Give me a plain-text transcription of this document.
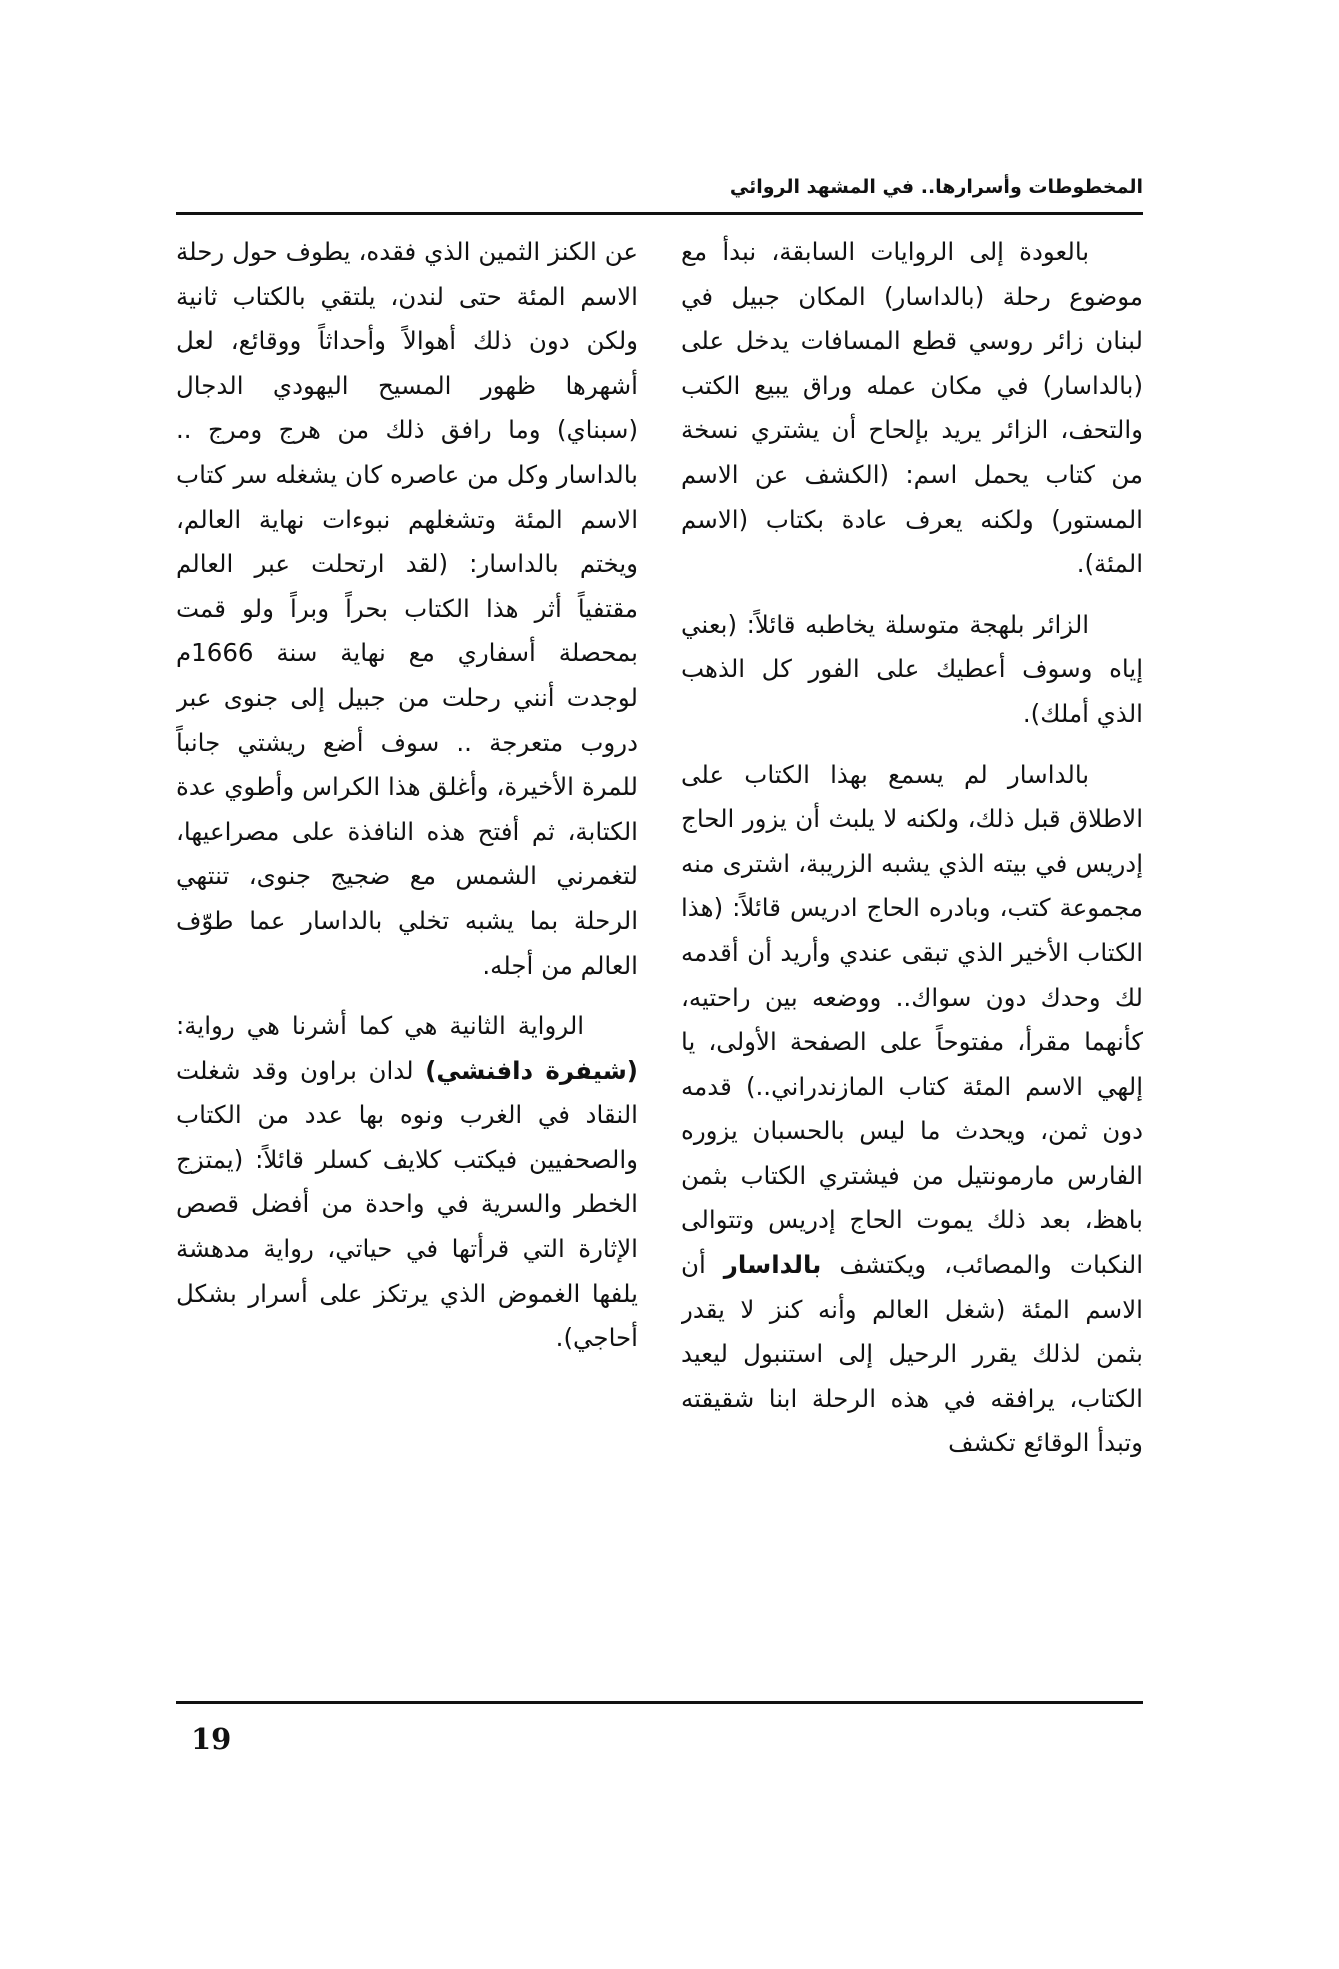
المخطوطات وأسرارها.. في المشهد الروائي

بالعودة إلى الروايات السابقة، نبدأ مع موضوع رحلة (بالداسار) المكان جبيل في لبنان زائر روسي قطع المسافات يدخل على (بالداسار) في مكان عمله وراق يبيع الكتب والتحف، الزائر يريد بإلحاح أن يشتري نسخة من كتاب يحمل اسم: (الكشف عن الاسم المستور) ولكنه يعرف عادة بكتاب (الاسم المئة).

الزائر بلهجة متوسلة يخاطبه قائلاً: (بعني إياه وسوف أعطيك على الفور كل الذهب الذي أملك).

بالداسار لم يسمع بهذا الكتاب على الاطلاق قبل ذلك، ولكنه لا يلبث أن يزور الحاج إدريس في بيته الذي يشبه الزريبة، اشترى منه مجموعة كتب، وبادره الحاج ادريس قائلاً: (هذا الكتاب الأخير الذي تبقى عندي وأريد أن أقدمه لك وحدك دون سواك.. ووضعه بين راحتيه، كأنهما مقرأ، مفتوحاً على الصفحة الأولى، يا إلهي الاسم المئة كتاب المازندراني..) قدمه دون ثمن، ويحدث ما ليس بالحسبان يزوره الفارس مارمونتيل من فيشتري الكتاب بثمن باهظ، بعد ذلك يموت الحاج إدريس وتتوالى النكبات والمصائب، ويكتشف بالداسار أن الاسم المئة (شغل العالم وأنه كنز لا يقدر بثمن لذلك يقرر الرحيل إلى استنبول ليعيد الكتاب، يرافقه في هذه الرحلة ابنا شقيقته وتبدأ الوقائع تكشف

عن الكنز الثمين الذي فقده، يطوف حول رحلة الاسم المئة حتى لندن، يلتقي بالكتاب ثانية ولكن دون ذلك أهوالاً وأحداثاً ووقائع، لعل أشهرها ظهور المسيح اليهودي الدجال (سبناي) وما رافق ذلك من هرج ومرج .. بالداسار وكل من عاصره كان يشغله سر كتاب الاسم المئة وتشغلهم نبوءات نهاية العالم، ويختم بالداسار: (لقد ارتحلت عبر العالم مقتفياً أثر هذا الكتاب بحراً وبراً ولو قمت بمحصلة أسفاري مع نهاية سنة 1666م لوجدت أنني رحلت من جبيل إلى جنوى عبر دروب متعرجة .. سوف أضع ريشتي جانباً للمرة الأخيرة، وأغلق هذا الكراس وأطوي عدة الكتابة، ثم أفتح هذه النافذة على مصراعيها، لتغمرني الشمس مع ضجيج جنوى، تنتهي الرحلة بما يشبه تخلي بالداسار عما طوّف العالم من أجله.

الرواية الثانية هي كما أشرنا هي رواية: (شيفرة دافنشي) لدان براون وقد شغلت النقاد في الغرب ونوه بها عدد من الكتاب والصحفيين فيكتب كلايف كسلر قائلاً: (يمتزج الخطر والسرية في واحدة من أفضل قصص الإثارة التي قرأتها في حياتي، رواية مدهشة يلفها الغموض الذي يرتكز على أسرار بشكل أحاجي).

19
